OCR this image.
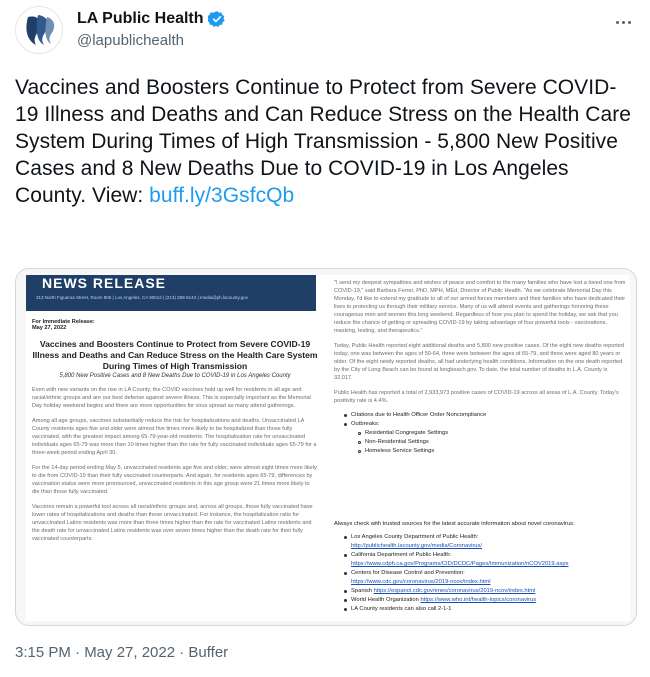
LA Public Health
@lapublichealth
Vaccines and Boosters Continue to Protect from Severe COVID- 19 Illness and Deaths and Can Reduce Stress on the Health Care System During Times of High Transmission - 5,800 New Positive Cases and 8 New Deaths Due to COVID-19 in Los Angeles County. View: buff.ly/3GsfcQb
NEWS RELEASE
313 North Figueroa Street, Room 806 | Los Angeles, CA 90012 | (213) 288-8144 | media@ph.lacounty.gov
For Immediate Release:
May 27, 2022
Vaccines and Boosters Continue to Protect from Severe COVID-19 Illness and Deaths and Can Reduce Stress on the Health Care System During Times of High Transmission
5,800 New Positive Cases and 8 New Deaths Due to COVID-19 in Los Angeles County
Even with new variants on the rise in LA County, the COVID vaccines hold up well for residents in all age and racial/ethnic groups and are our best defense against severe illness. This is especially important as the Memorial Day holiday weekend begins and there are more opportunities for virus spread as many attend gatherings.
Among all age groups, vaccines substantially reduce the risk for hospitalizations and deaths. Unvaccinated LA County residents ages five and older were almost five times more likely to be hospitalized than those fully vaccinated, with the greatest impact among 65-79-year-old residents. The hospitalization rate for unvaccinated individuals ages 65-79 was more than 10 times higher than the rate for fully vaccinated individuals ages 65-79 for a three-week period ending April 30.
For the 14-day period ending May 5, unvaccinated residents age five and older, were almost eight times more likely to die from COVID-19 than their fully vaccinated counterparts. And again, for residents ages 65-79, differences by vaccination status were more pronounced, unvaccinated residents in this age group were 21 times more likely to die than those fully vaccinated.
Vaccines remain a powerful tool across all racial/ethnic groups and, across all groups, those fully vaccinated have lower rates of hospitalizations and deaths than those unvaccinated. For instance, the hospitalization ratio for unvaccinated Latino residents was more than three times higher than the rate for vaccinated Latinx residents and the death rate for unvaccinated Latinx residents was over seven times higher than the death rate for their fully vaccinated counterparts.
"I send my deepest sympathies and wishes of peace and comfort to the many families who have lost a loved one from COVID-19," said Barbara Ferrer, PhD, MPH, MEd, Director of Public Health. "As we celebrate Memorial Day this Monday, I'd like to extend my gratitude to all of our armed forces members and their families who have dedicated their lives to protecting us through their military service. Many of us will attend events and gatherings honoring these courageous men and women this long weekend. Regardless of how you plan to spend the holiday, we ask that you reduce the chance of getting or spreading COVID-19 by taking advantage of four powerful tools - vaccinations, masking, testing, and therapeutics."
Today, Public Health reported eight additional deaths and 5,800 new positive cases. Of the eight new deaths reported today, one was between the ages of 50-64, three were between the ages of 65-79, and three were aged 80 years or older. Of the eight newly reported deaths, all had underlying health conditions. Information on the one death reported by the City of Long Beach can be found at longbeach.gov. To date, the total number of deaths in L.A. County is 32,017.
Public Health has reported a total of 2,933,973 positive cases of COVID-19 across all areas of L.A. County. Today's positivity rate is 4.4%.
Citations due to Health Officer Order Noncompliance
Outbreaks:
Residential Congregate Settings
Non-Residential Settings
Homeless Service Settings
Always check with trusted sources for the latest accurate information about novel coronavirus:
Los Angeles County Department of Public Health:
http://publichealth.lacounty.gov/media/Coronavirus/
California Department of Public Health:
https://www.cdph.ca.gov/Programs/CID/DCDC/Pages/Immunization/nCOV2019.aspx
Centers for Disease Control and Prevention:
https://www.cdc.gov/coronavirus/2019-ncov/index.html
Spanish https://espanol.cdc.gov/enes/coronavirus/2019-ncov/index.html
World Health Organization https://www.who.int/health-topics/coronavirus
LA County residents can also call 2-1-1
3:15 PM · May 27, 2022 · Buffer
